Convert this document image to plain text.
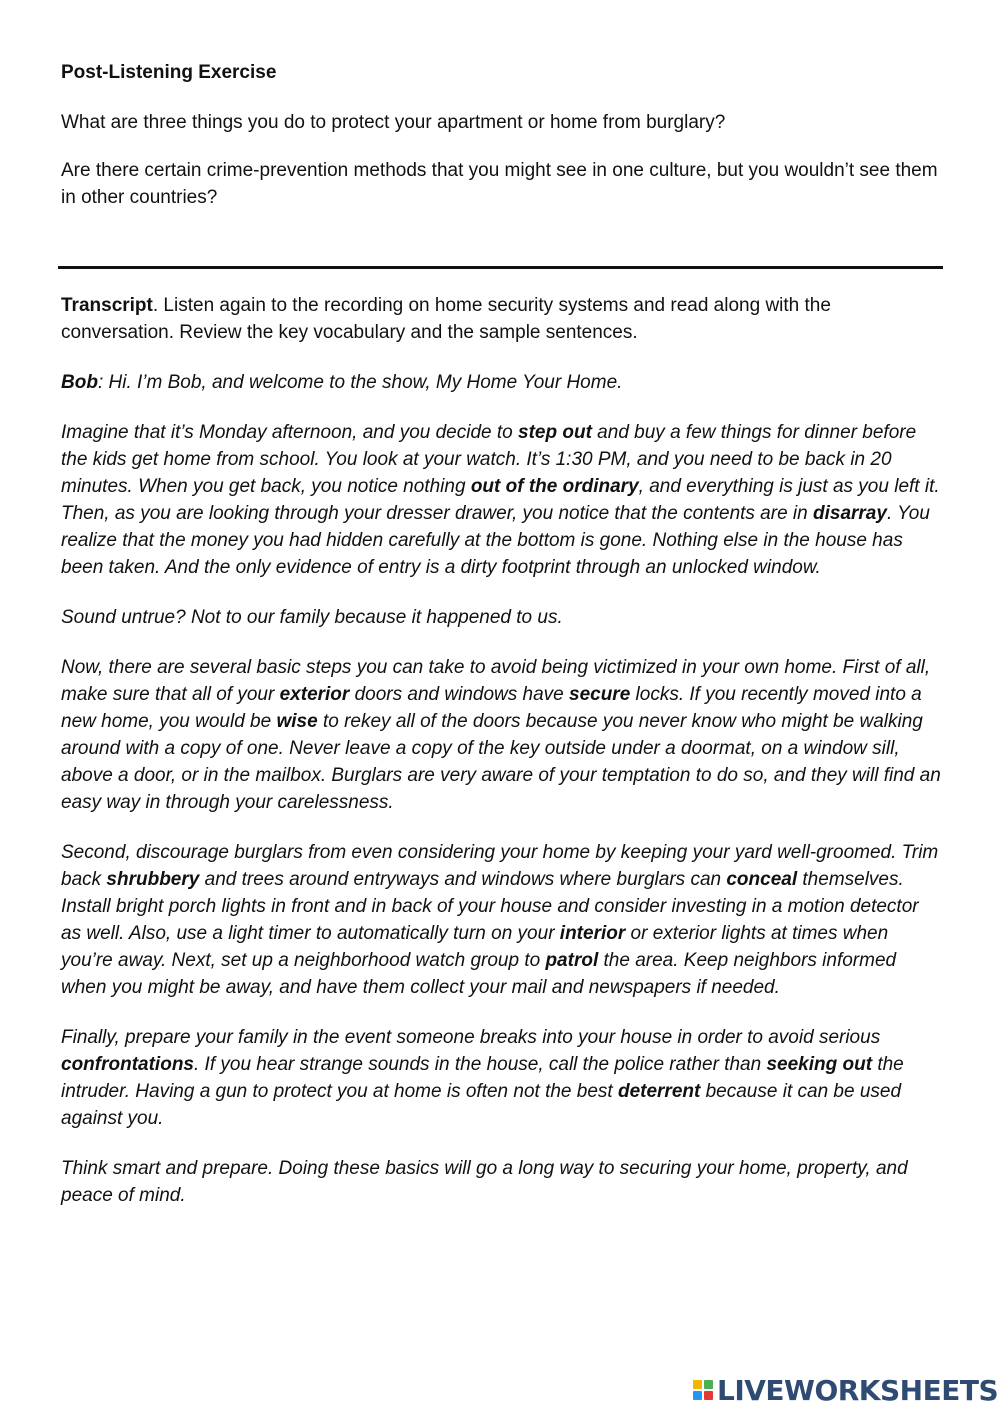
Post-Listening Exercise

What are three things you do to protect your apartment or home from burglary?

Are there certain crime-prevention methods that you might see in one culture, but you wouldn’t see them in other countries?

Transcript. Listen again to the recording on home security systems and read along with the conversation. Review the key vocabulary and the sample sentences.

Bob: Hi. I’m Bob, and welcome to the show, My Home Your Home.

Imagine that it’s Monday afternoon, and you decide to step out and buy a few things for dinner before the kids get home from school. You look at your watch. It’s 1:30 PM, and you need to be back in 20 minutes. When you get back, you notice nothing out of the ordinary, and everything is just as you left it. Then, as you are looking through your dresser drawer, you notice that the contents are in disarray. You realize that the money you had hidden carefully at the bottom is gone. Nothing else in the house has been taken. And the only evidence of entry is a dirty footprint through an unlocked window.

Sound untrue? Not to our family because it happened to us.

Now, there are several basic steps you can take to avoid being victimized in your own home. First of all, make sure that all of your exterior doors and windows have secure locks. If you recently moved into a new home, you would be wise to rekey all of the doors because you never know who might be walking around with a copy of one. Never leave a copy of the key outside under a doormat, on a window sill, above a door, or in the mailbox. Burglars are very aware of your temptation to do so, and they will find an easy way in through your carelessness.

Second, discourage burglars from even considering your home by keeping your yard well-groomed. Trim back shrubbery and trees around entryways and windows where burglars can conceal themselves. Install bright porch lights in front and in back of your house and consider investing in a motion detector as well. Also, use a light timer to automatically turn on your interior or exterior lights at times when you’re away. Next, set up a neighborhood watch group to patrol the area. Keep neighbors informed when you might be away, and have them collect your mail and newspapers if needed.

Finally, prepare your family in the event someone breaks into your house in order to avoid serious confrontations. If you hear strange sounds in the house, call the police rather than seeking out the intruder. Having a gun to protect you at home is often not the best deterrent because it can be used against you.

Think smart and prepare. Doing these basics will go a long way to securing your home, property, and peace of mind.

LIVEWORKSHEETS
